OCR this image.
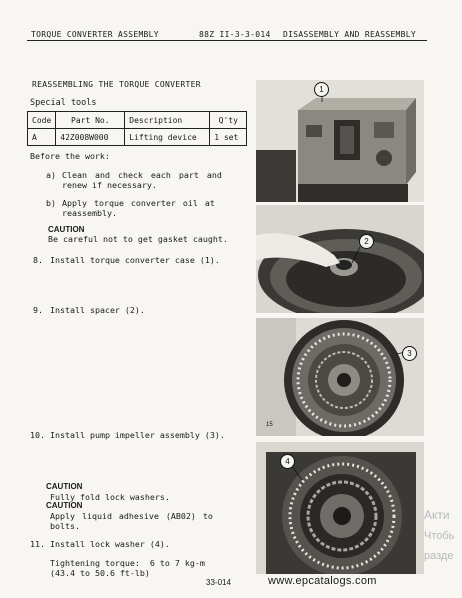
TORQUE CONVERTER ASSEMBLY	88Z II-3-3-014 DISASSEMBLY AND REASSEMBLY
REASSEMBLING THE TORQUE CONVERTER
Special tools
Code	Part No.	Description	Q'ty
A	42Z008W000	Lifting device	1 set
Before the work:
a) Clean and check each part and
renew if necessary.
b) Apply torque converter oil at
reassembly.
CAUTION
Be careful not to get gasket caught.
8. Install torque converter case (1).
9. Install spacer (2).
10. Install pump impeller assembly (3).
CAUTION
Fully fold lock washers.
CAUTION
Apply liquid adhesive (AB02) to
bolts.
11. Install lock washer (4).
Tightening torque:  6 to 7 kg-m
(43.4 to 50.6 ft-lb)
1
2
3
15
4
33-014	www.epcatalogs.com
Акти
Чтобь
разде
